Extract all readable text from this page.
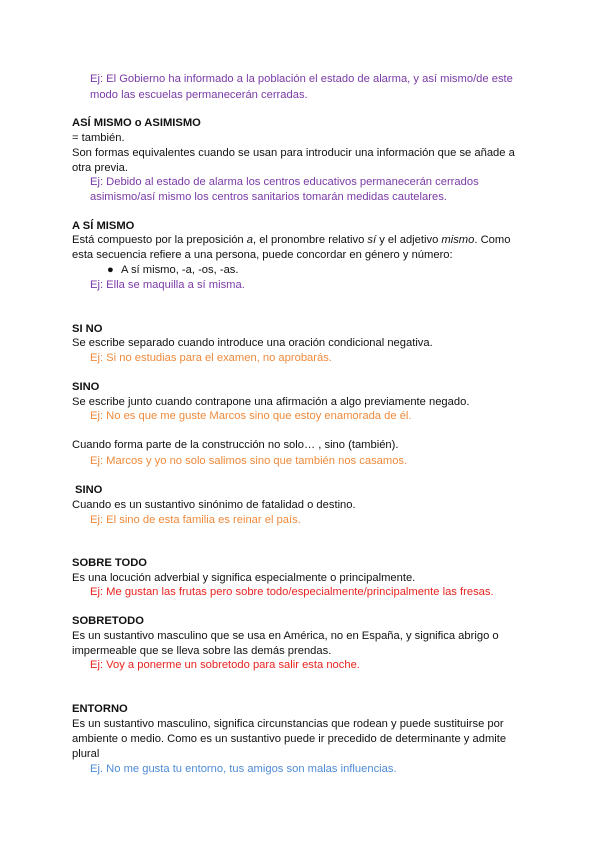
Ej: El Gobierno ha informado a la población el estado de alarma, y así mismo/de este
modo las escuelas permanecerán cerradas.
ASÍ MISMO o ASIMISMO
= también.
Son formas equivalentes cuando se usan para introducir una información que se añade a
otra previa.
Ej: Debido al estado de alarma los centros educativos permanecerán cerrados
asimismo/así mismo los centros sanitarios tomarán medidas cautelares.
A SÍ MISMO
Está compuesto por la preposición a, el pronombre relativo sí y el adjetivo mismo. Como
esta secuencia refiere a una persona, puede concordar en género y número:
● A sí mismo, -a, -os, -as.
Ej: Ella se maquilla a sí misma.
SI NO
Se escribe separado cuando introduce una oración condicional negativa.
Ej: Si no estudias para el examen, no aprobarás.
SINO
Se escribe junto cuando contrapone una afirmación a algo previamente negado.
Ej: No es que me guste Marcos sino que estoy enamorada de él.
Cuando forma parte de la construcción no solo… , sino (también).
Ej: Marcos y yo no solo salimos sino que también nos casamos.
SINO
Cuando es un sustantivo sinónimo de fatalidad o destino.
Ej: El sino de esta familia es reinar el país.
SOBRE TODO
Es una locución adverbial y significa especialmente o principalmente.
Ej: Me gustan las frutas pero sobre todo/especialmente/principalmente las fresas.
SOBRETODO
Es un sustantivo masculino que se usa en América, no en España, y significa abrigo o
impermeable que se lleva sobre las demás prendas.
Ej: Voy a ponerme un sobretodo para salir esta noche.
ENTORNO
Es un sustantivo masculino, significa circunstancias que rodean y puede sustituirse por
ambiente o medio. Como es un sustantivo puede ir precedido de determinante y admite
plural
Ej. No me gusta tu entorno, tus amigos son malas influencias.
